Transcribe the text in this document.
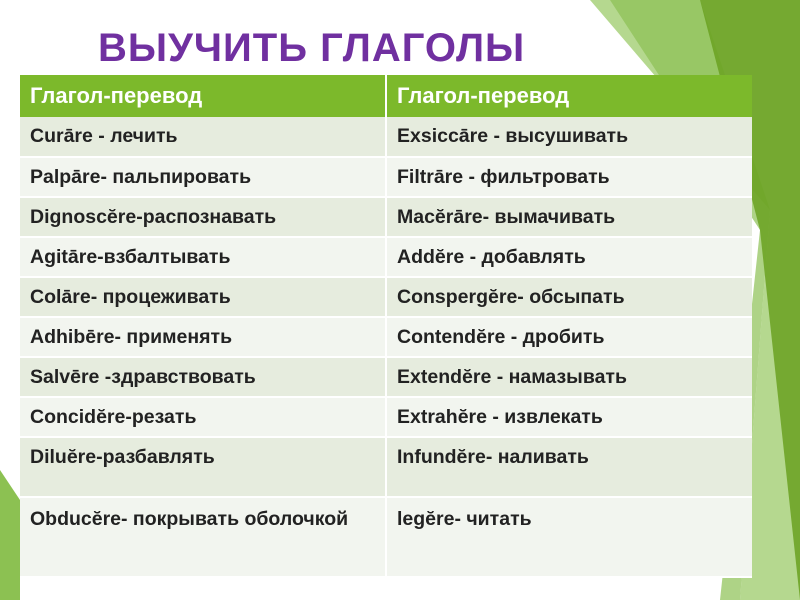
ВЫУЧИТЬ ГЛАГОЛЫ
Глагол-перевод	Глагол-перевод
Curāre - лечить	Exsiccāre - высушивать
Palpāre- пальпировать	Filtrāre - фильтровать
Dignoscĕre-распознавать	Macĕrāre- вымачивать
Agitāre-взбалтывать	Addĕre - добавлять
Colāre- процеживать	Conspergĕre- обсыпать
Adhibēre- применять	Contendĕre - дробить
Salvēre -здравствовать	Extendĕre - намазывать
Concidĕre-резать	Extrahĕre - извлекать
Diluĕre-разбавлять	Infundĕre- наливать
Obducĕre- покрывать оболочкой	legĕre- читать
